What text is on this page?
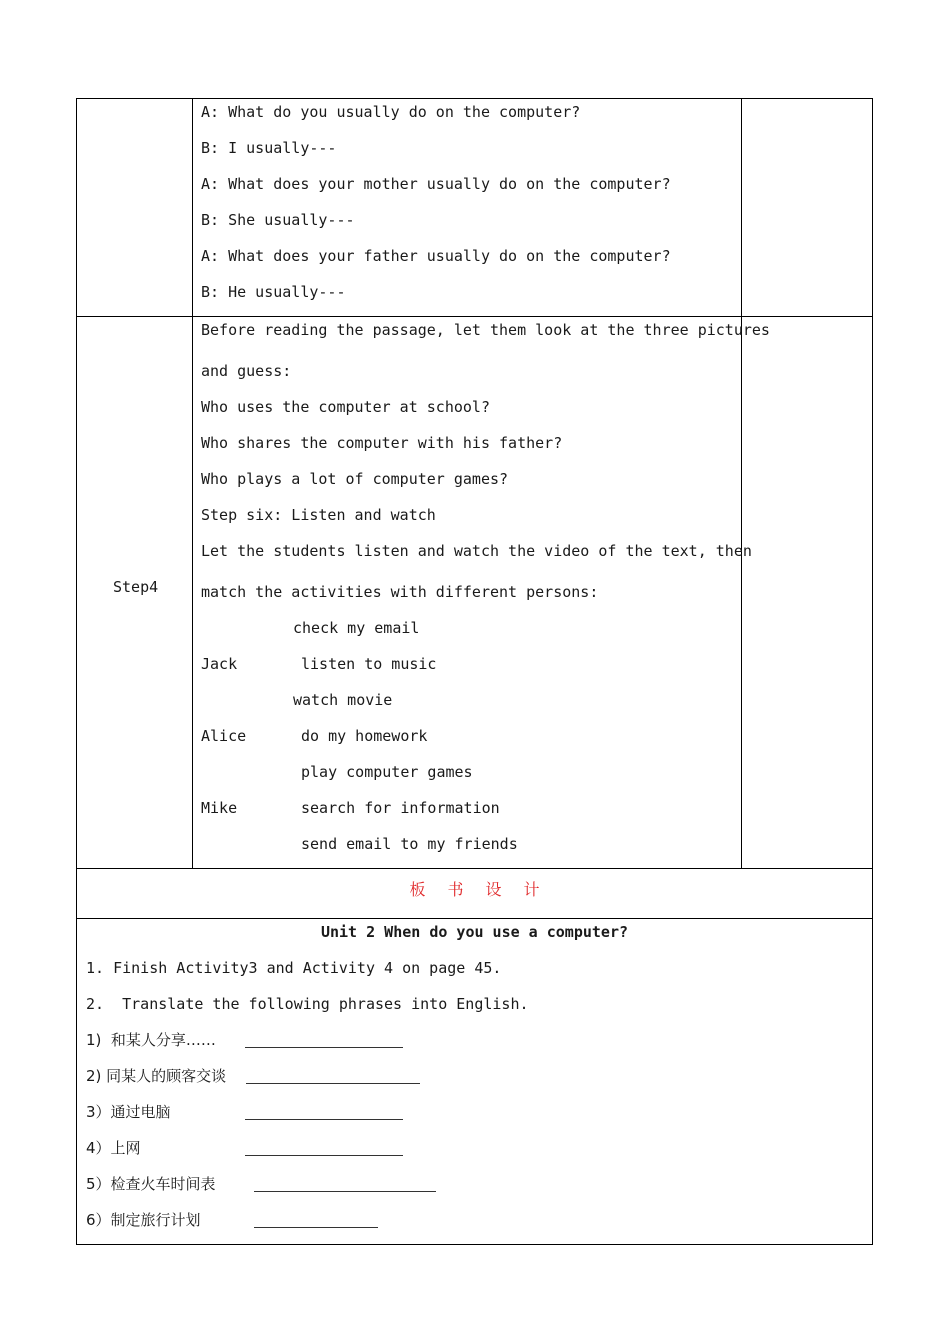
A: What do you usually do on the computer?
B: I usually---
A: What does your mother usually do on the computer?
B: She usually---
A: What does your father usually do on the computer?
B: He usually---
Step4
Before reading the passage, let them look at the three pictures
and guess:
Who uses the computer at school?
Who shares the computer with his father?
Who plays a lot of computer games?
Step six: Listen and watch
Let the students listen and watch the video of the text, then
match the activities with different persons:
check my email
Jack	listen to music
watch movie
Alice	do my homework
play computer games
Mike	search for information
send email to my friends
板 书 设 计
Unit 2 When do you use a computer?
1. Finish Activity3 and Activity 4 on page 45.
2.  Translate the following phrases into English.
1)  和某人分享……
2) 同某人的顾客交谈
3）通过电脑
4）上网
5）检查火车时间表
6）制定旅行计划
